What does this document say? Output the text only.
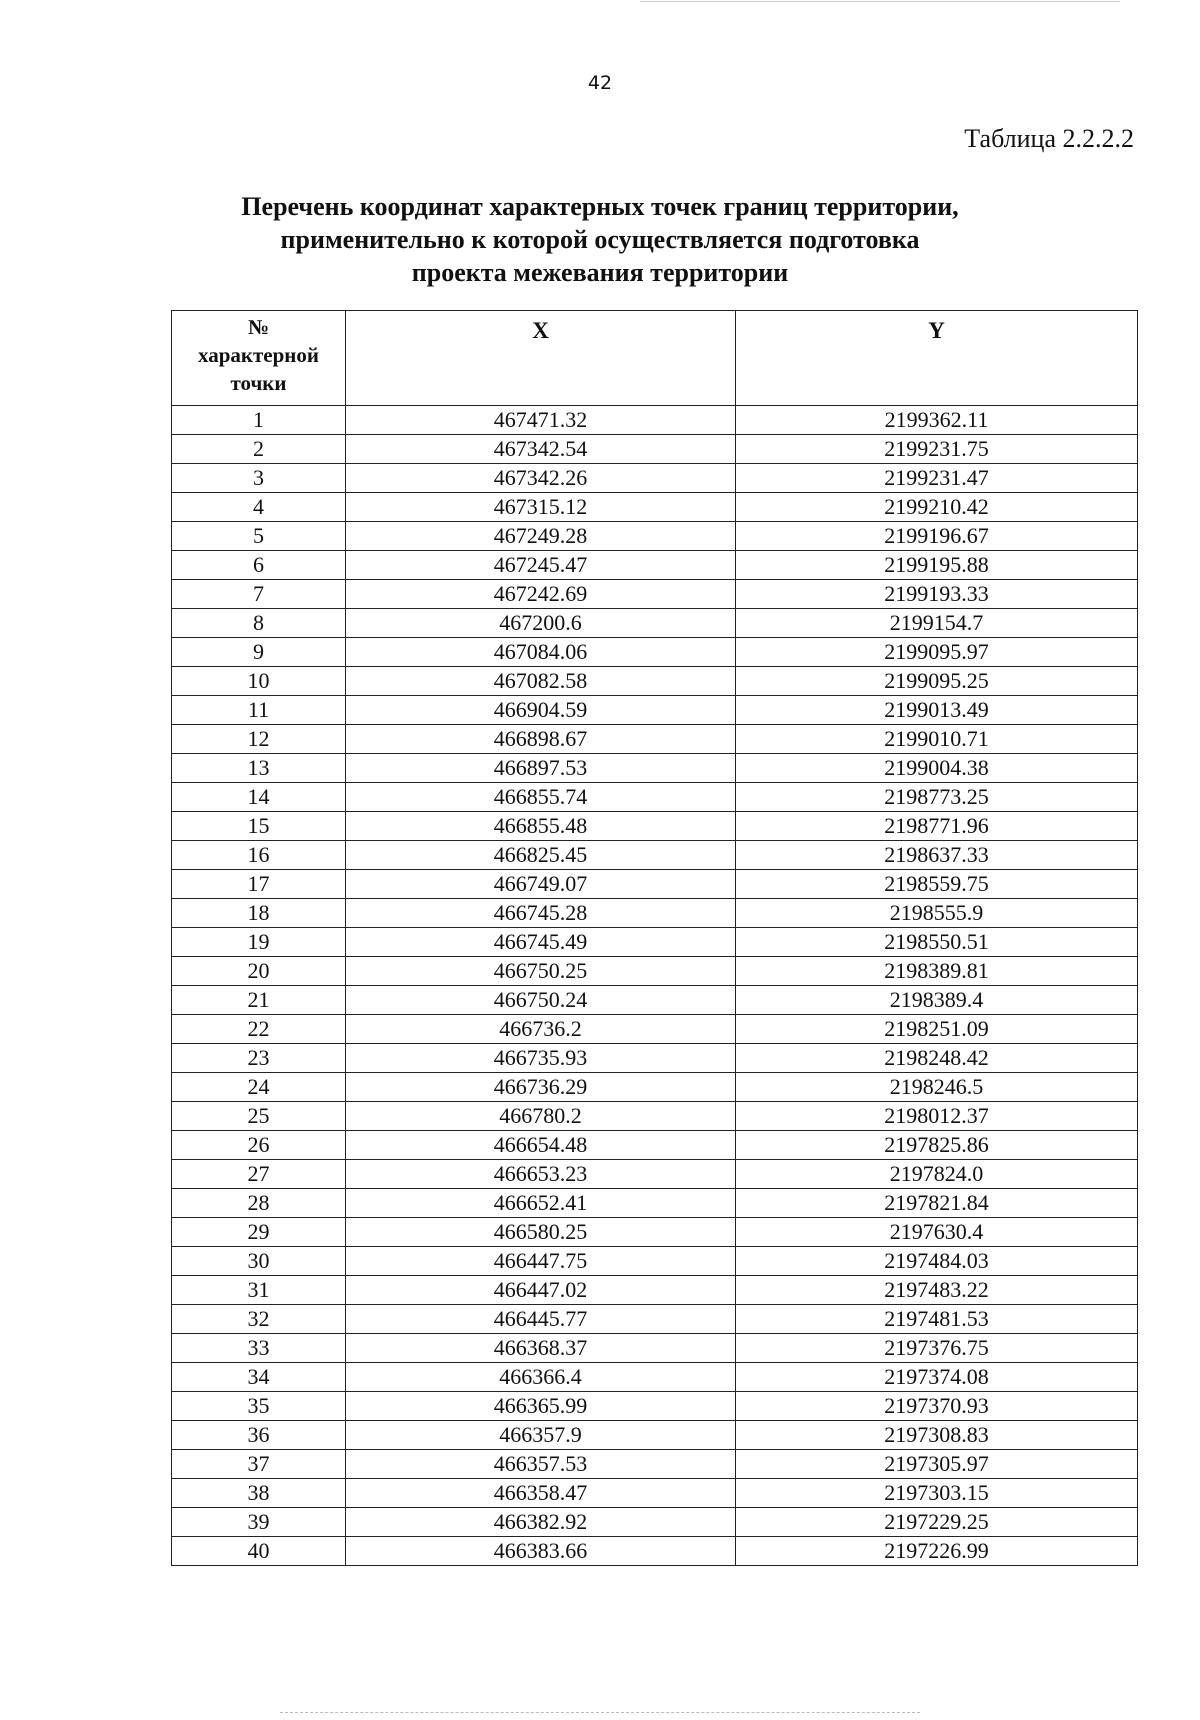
42
Таблица 2.2.2.2
Перечень координат характерных точек границ территории,
применительно к которой осуществляется подготовка
проекта межевания территории
№
характерной
точки	X	Y
1	467471.32	2199362.11
2	467342.54	2199231.75
3	467342.26	2199231.47
4	467315.12	2199210.42
5	467249.28	2199196.67
6	467245.47	2199195.88
7	467242.69	2199193.33
8	467200.6	2199154.7
9	467084.06	2199095.97
10	467082.58	2199095.25
11	466904.59	2199013.49
12	466898.67	2199010.71
13	466897.53	2199004.38
14	466855.74	2198773.25
15	466855.48	2198771.96
16	466825.45	2198637.33
17	466749.07	2198559.75
18	466745.28	2198555.9
19	466745.49	2198550.51
20	466750.25	2198389.81
21	466750.24	2198389.4
22	466736.2	2198251.09
23	466735.93	2198248.42
24	466736.29	2198246.5
25	466780.2	2198012.37
26	466654.48	2197825.86
27	466653.23	2197824.0
28	466652.41	2197821.84
29	466580.25	2197630.4
30	466447.75	2197484.03
31	466447.02	2197483.22
32	466445.77	2197481.53
33	466368.37	2197376.75
34	466366.4	2197374.08
35	466365.99	2197370.93
36	466357.9	2197308.83
37	466357.53	2197305.97
38	466358.47	2197303.15
39	466382.92	2197229.25
40	466383.66	2197226.99
